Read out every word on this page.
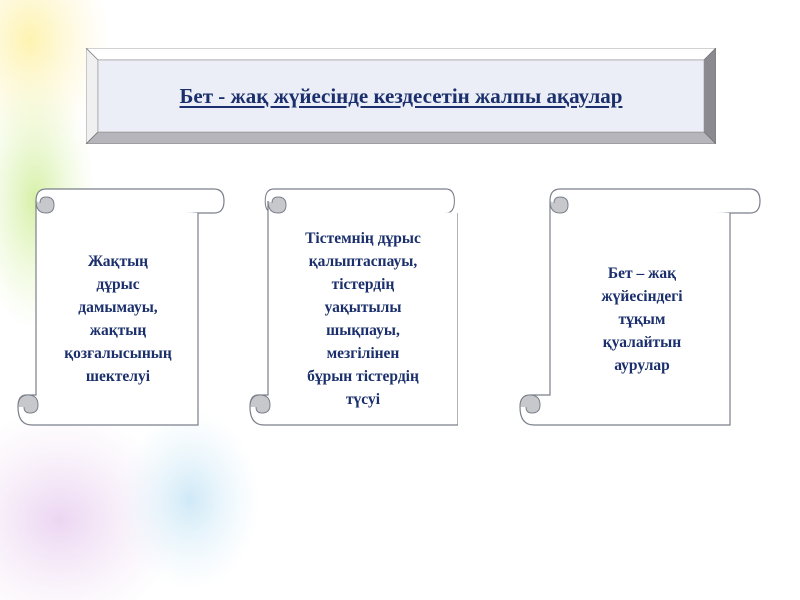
Бет - жақ жүйесінде кездесетін жалпы ақаулар
Жақтың
дұрыс
дамымауы,
жақтың
қозғалысының
шектелуі
Тістемнің дұрыс
қалыптаспауы,
тістердің
уақытылы
шықпауы,
мезгілінен
бұрын тістердің
түсуі
Бет – жақ
жүйесіндегі
тұқым
қуалайтын
аурулар
